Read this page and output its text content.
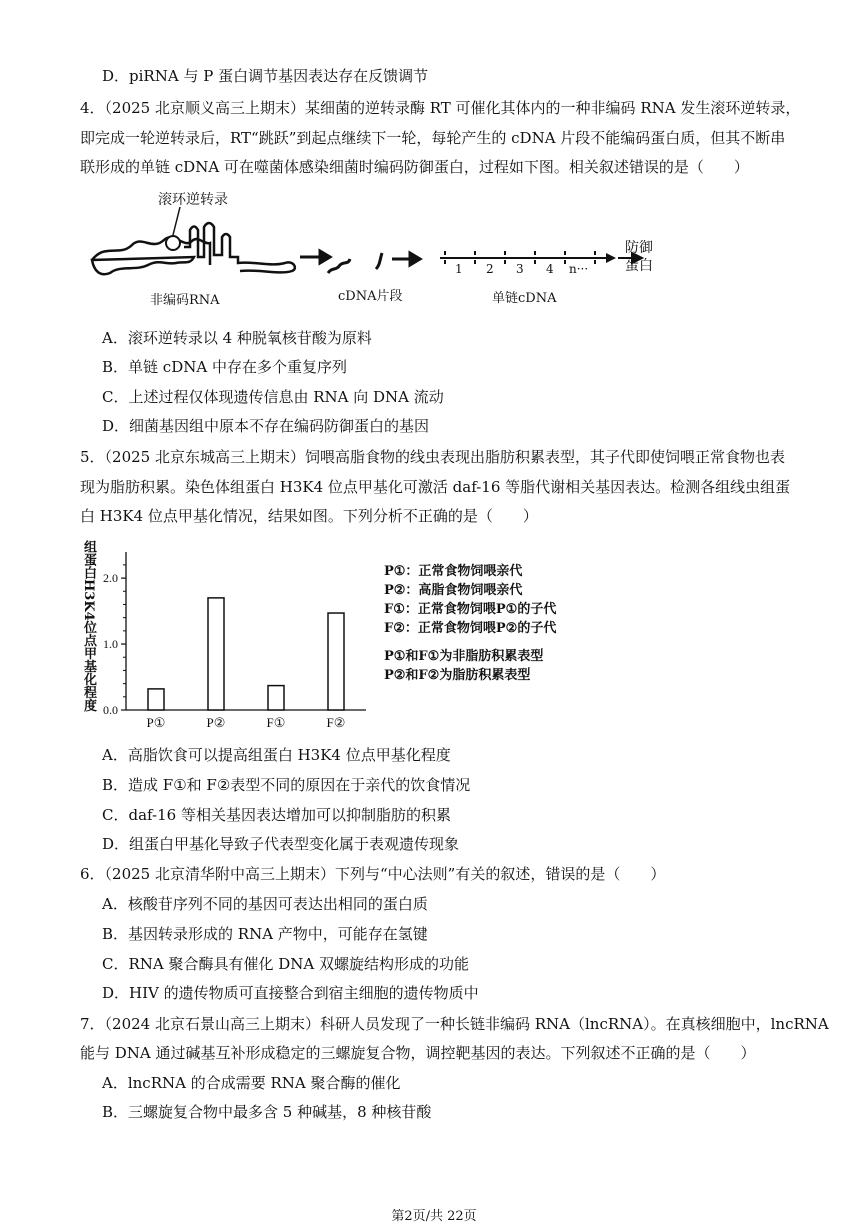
D．piRNA 与 P 蛋白调节基因表达存在反馈调节
4．（2025 北京顺义高三上期末）某细菌的逆转录酶 RT 可催化其体内的一种非编码 RNA 发生滚环逆转录，
即完成一轮逆转录后，RT“跳跃”到起点继续下一轮，每轮产生的 cDNA 片段不能编码蛋白质，但其不断串
联形成的单链 cDNA 可在噬菌体感染细菌时编码防御蛋白，过程如下图。相关叙述错误的是（　　）
滚环逆转录
非编码RNA	cDNA片段	单链cDNA
防御
蛋白
1 2 3 4 n···
A．滚环逆转录以 4 种脱氧核苷酸为原料
B．单链 cDNA 中存在多个重复序列
C．上述过程仅体现遗传信息由 RNA 向 DNA 流动
D．细菌基因组中原本不存在编码防御蛋白的基因
5．（2025 北京东城高三上期末）饲喂高脂食物的线虫表现出脂肪积累表型，其子代即使饲喂正常食物也表
现为脂肪积累。染色体组蛋白 H3K4 位点甲基化可激活 daf-16 等脂代谢相关基因表达。检测各组线虫组蛋
白 H3K4 位点甲基化情况，结果如图。下列分析不正确的是（　　）
组蛋白H3K4位点甲基化程度 0.0
1.0
2.0
P①	P②	F①	F②
P①：正常食物饲喂亲代
P②：高脂食物饲喂亲代
F①：正常食物饲喂P①的子代
F②：正常食物饲喂P②的子代
P①和F①为非脂肪积累表型
P②和F②为脂肪积累表型
A．高脂饮食可以提高组蛋白 H3K4 位点甲基化程度
B．造成 F①和 F②表型不同的原因在于亲代的饮食情况
C．daf-16 等相关基因表达增加可以抑制脂肪的积累
D．组蛋白甲基化导致子代表型变化属于表观遗传现象
6．（2025 北京清华附中高三上期末）下列与“中心法则”有关的叙述，错误的是（　　）
A．核酸苷序列不同的基因可表达出相同的蛋白质
B．基因转录形成的 RNA 产物中，可能存在氢键
C．RNA 聚合酶具有催化 DNA 双螺旋结构形成的功能
D．HIV 的遗传物质可直接整合到宿主细胞的遗传物质中
7．（2024 北京石景山高三上期末）科研人员发现了一种长链非编码 RNA（lncRNA）。在真核细胞中，lncRNA
能与 DNA 通过碱基互补形成稳定的三螺旋复合物，调控靶基因的表达。下列叙述不正确的是（　　）
A．lncRNA 的合成需要 RNA 聚合酶的催化
B．三螺旋复合物中最多含 5 种碱基，8 种核苷酸
第2页/共 22页
